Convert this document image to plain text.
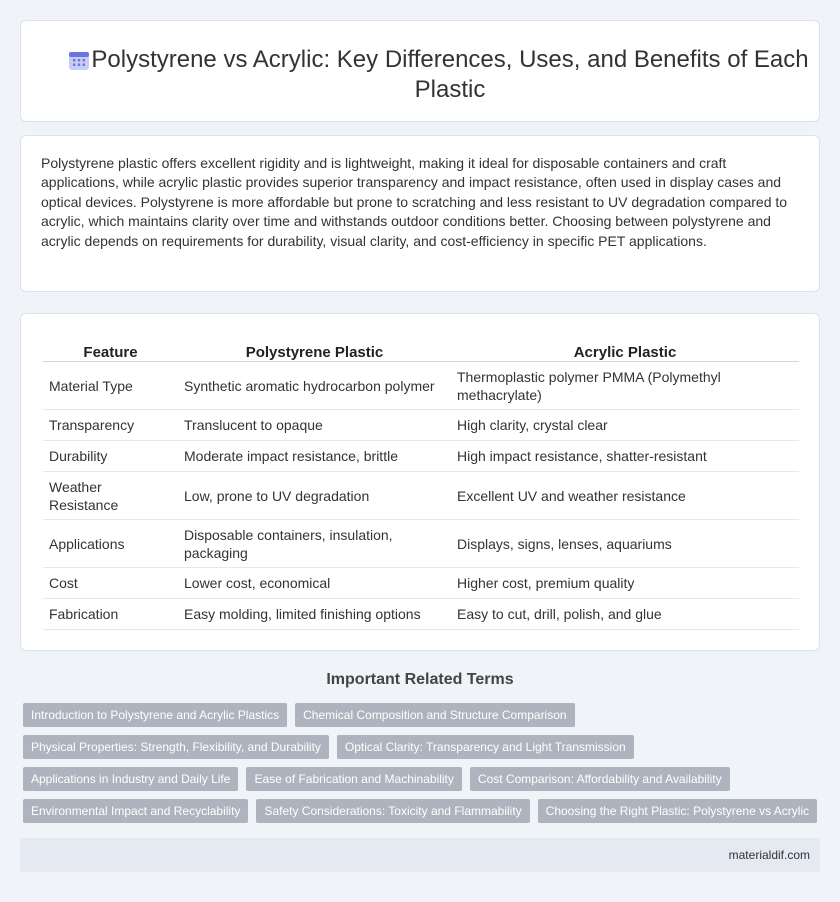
Polystyrene vs Acrylic: Key Differences, Uses, and Benefits of Each Plastic

Polystyrene plastic offers excellent rigidity and is lightweight, making it ideal for disposable containers and craft applications, while acrylic plastic provides superior transparency and impact resistance, often used in display cases and optical devices. Polystyrene is more affordable but prone to scratching and less resistant to UV degradation compared to acrylic, which maintains clarity over time and withstands outdoor conditions better. Choosing between polystyrene and acrylic depends on requirements for durability, visual clarity, and cost-efficiency in specific PET applications.

Feature	Polystyrene Plastic	Acrylic Plastic
Material Type	Synthetic aromatic hydrocarbon polymer	Thermoplastic polymer PMMA (Polymethyl methacrylate)
Transparency	Translucent to opaque	High clarity, crystal clear
Durability	Moderate impact resistance, brittle	High impact resistance, shatter-resistant
Weather Resistance	Low, prone to UV degradation	Excellent UV and weather resistance
Applications	Disposable containers, insulation, packaging	Displays, signs, lenses, aquariums
Cost	Lower cost, economical	Higher cost, premium quality
Fabrication	Easy molding, limited finishing options	Easy to cut, drill, polish, and glue
Important Related Terms
Introduction to Polystyrene and Acrylic Plastics	Chemical Composition and Structure Comparison
Physical Properties: Strength, Flexibility, and Durability	Optical Clarity: Transparency and Light Transmission
Applications in Industry and Daily Life	Ease of Fabrication and Machinability	Cost Comparison: Affordability and Availability
Environmental Impact and Recyclability	Safety Considerations: Toxicity and Flammability	Choosing the Right Plastic: Polystyrene vs Acrylic
materialdif.com
